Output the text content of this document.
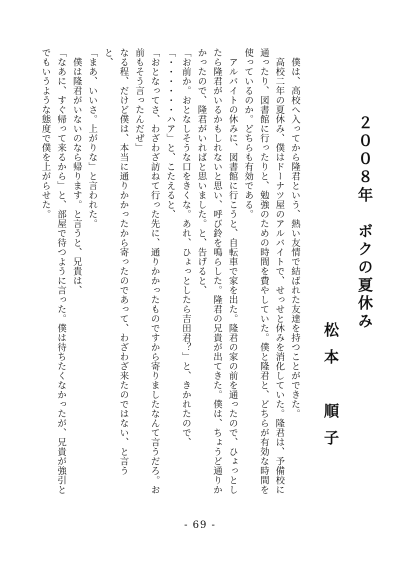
２００８年　ボクの夏休み
松本　順子

　僕は、高校へ入ってから隆君という、熱い友情で結ばれた友達を持つことができた。

　高校二年の夏休み、僕はドーナツ屋のアルバイトで、せっせと休みを消化していた。隆君は、予備校に

通ったり、図書館に行ったりと、勉強のための時間を費やしていた。僕と隆君と、どちらが有効な時間を

使っているのか。どちらも有効である。

　アルバイトの休みに、図書館に行こうと、自転車で家を出た。隆君の家の前を通ったので、ひょっとし

たら隆君がいるかもしれないと思い、呼び鈴を鳴らした。隆君の兄貴が出てきた。僕は、ちょうど通りか

かったので、隆君がいればと思いました。と、告げると、

「お前か。おとなしそうな口をきくな。あれ、ひょっとしたら吉田君？」と、きかれたので、

「・・・・・・ハア」と、こたえると、

「おとなってさ、わざわざ訪ねて行った先に、通りかかったものですから寄りましたなんて言うだろ。お

前もそう言ったんだぜ」

なる程、だけど僕は、本当に通りかかったから寄ったのであって、わざわざ来たのではない、と言う

と、

「まあ、いいさ。上がりな」と言われた。

　僕は隆君がいないのなら帰ります。と言うと、兄貴は、

「なあに、すぐ帰って来るから」と、部屋で待つように言った。僕は待ちたくなかったが、兄貴が強引と

でもいうような態度で僕を上がらせた。

- 69 -
